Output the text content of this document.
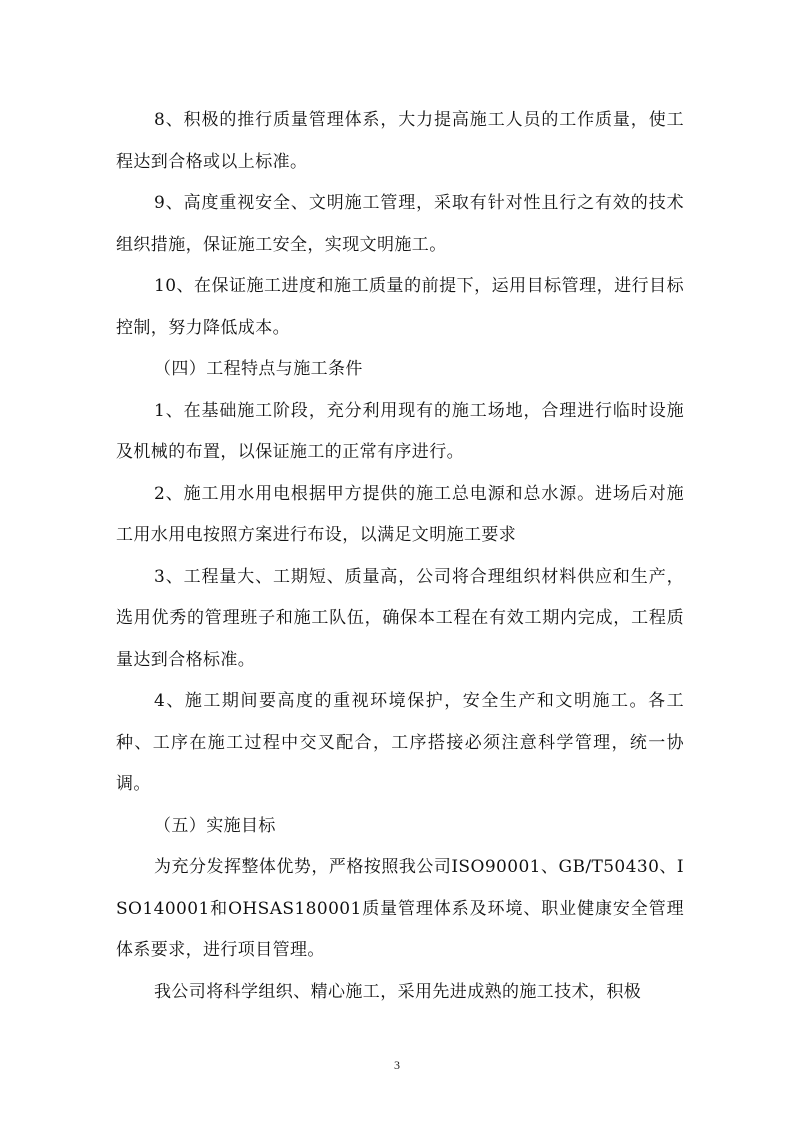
8、积极的推行质量管理体系，大力提高施工人员的工作质量，使工程达到合格或以上标准。

9、高度重视安全、文明施工管理，采取有针对性且行之有效的技术组织措施，保证施工安全，实现文明施工。

10、在保证施工进度和施工质量的前提下，运用目标管理，进行目标控制，努力降低成本。

（四）工程特点与施工条件

1、在基础施工阶段，充分利用现有的施工场地，合理进行临时设施及机械的布置，以保证施工的正常有序进行。

2、施工用水用电根据甲方提供的施工总电源和总水源。进场后对施工用水用电按照方案进行布设，以满足文明施工要求

3、工程量大、工期短、质量高，公司将合理组织材料供应和生产，选用优秀的管理班子和施工队伍，确保本工程在有效工期内完成，工程质量达到合格标准。

4、施工期间要高度的重视环境保护，安全生产和文明施工。各工种、工序在施工过程中交叉配合，工序搭接必须注意科学管理，统一协调。

（五）实施目标

为充分发挥整体优势，严格按照我公司ISO90001、GB/T50430、ISO140001和OHSAS180001质量管理体系及环境、职业健康安全管理体系要求，进行项目管理。

我公司将科学组织、精心施工，采用先进成熟的施工技术，积极

3
